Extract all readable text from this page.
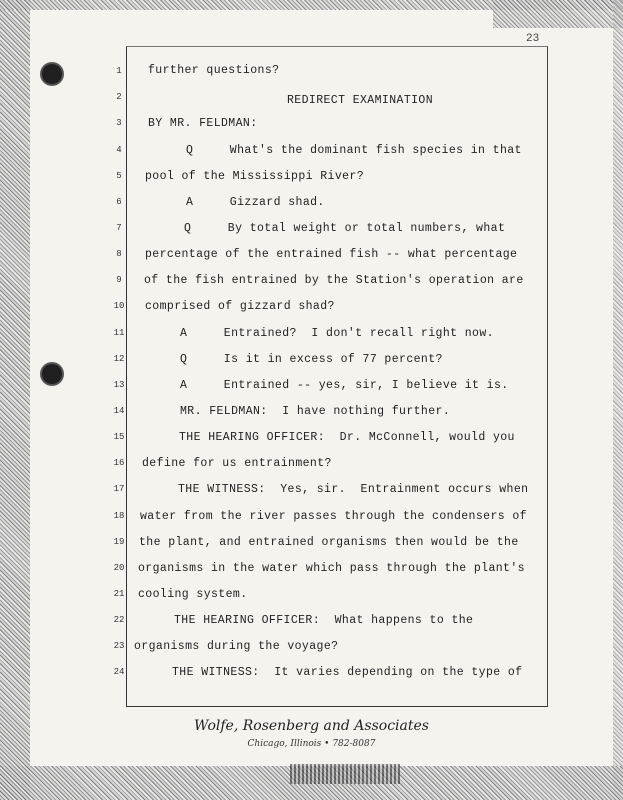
23
1
2
3
4
5
6
7
8
9
10
11
12
13
14
15
16
17
18
19
20
21
22
23
24
further questions?
REDIRECT EXAMINATION
BY MR. FELDMAN:
Q     What's the dominant fish species in that
pool of the Mississippi River?
A     Gizzard shad.
Q     By total weight or total numbers, what
percentage of the entrained fish -- what percentage
of the fish entrained by the Station's operation are
comprised of gizzard shad?
A     Entrained?  I don't recall right now.
Q     Is it in excess of 77 percent?
A     Entrained -- yes, sir, I believe it is.
MR. FELDMAN:  I have nothing further.
THE HEARING OFFICER:  Dr. McConnell, would you
define for us entrainment?
THE WITNESS:  Yes, sir.  Entrainment occurs when
water from the river passes through the condensers of
the plant, and entrained organisms then would be the
organisms in the water which pass through the plant's
cooling system.
THE HEARING OFFICER:  What happens to the
organisms during the voyage?
THE WITNESS:  It varies depending on the type of
Wolfe, Rosenberg and Associates
Chicago, Illinois • 782-8087
